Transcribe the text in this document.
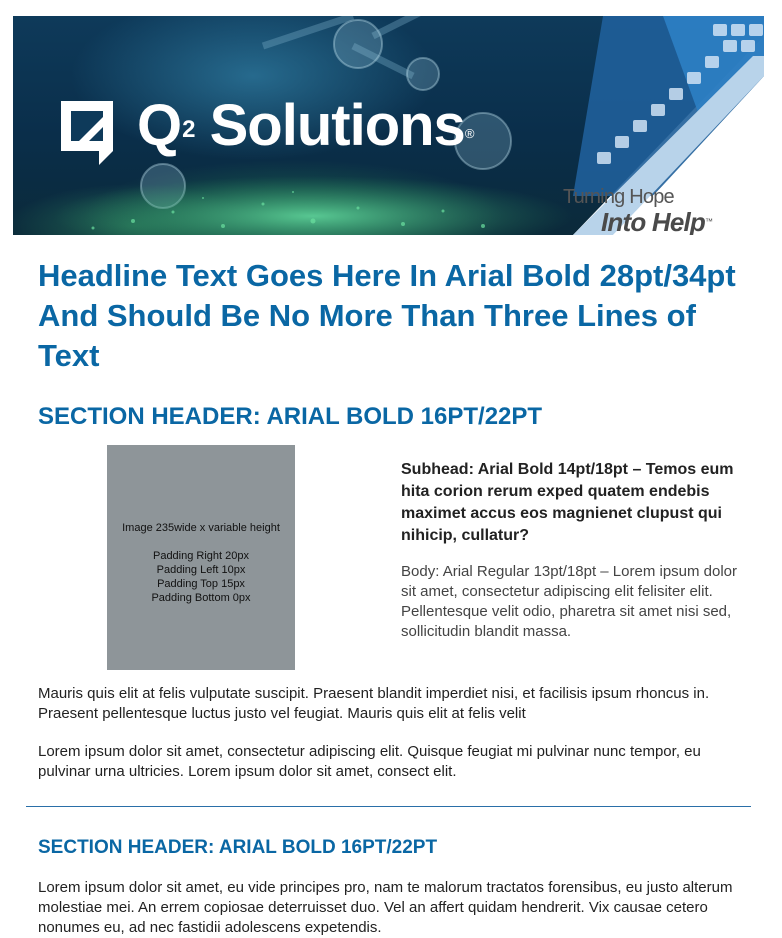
$Q^2$ Solutions®
Turning Hope
Into Help™
Headline Text Goes Here In Arial Bold 28pt/34pt And Should Be No More Than Three Lines of Text
SECTION HEADER: ARIAL BOLD 16PT/22PT
Image 235wide x variable height
Padding Right 20px
Padding Left 10px
Padding Top 15px
Padding Bottom 0px

Subhead: Arial Bold 14pt/18pt – Temos eum hita corion rerum exped quatem endebis maximet accus eos magnienet clupust qui nihicip, cullatur?

Body: Arial Regular 13pt/18pt – Lorem ipsum dolor sit amet, consectetur adipiscing elit felisiter elit. Pellentesque velit odio, pharetra sit amet nisi sed, sollicitudin blandit massa.

Mauris quis elit at felis vulputate suscipit. Praesent blandit imperdiet nisi, et facilisis ipsum rhoncus in. Praesent pellentesque luctus justo vel feugiat. Mauris quis elit at felis velit

Lorem ipsum dolor sit amet, consectetur adipiscing elit. Quisque feugiat mi pulvinar nunc tempor, eu pulvinar urna ultricies. Lorem ipsum dolor sit amet, consect elit.

SECTION HEADER: ARIAL BOLD 16PT/22PT

Lorem ipsum dolor sit amet, eu vide principes pro, nam te malorum tractatos forensibus, eu justo alterum molestiae mei. An errem copiosae deterruisset duo. Vel an affert quidam hendrerit. Vix causae cetero nonumes eu, ad nec fastidii adolescens expetendis.
